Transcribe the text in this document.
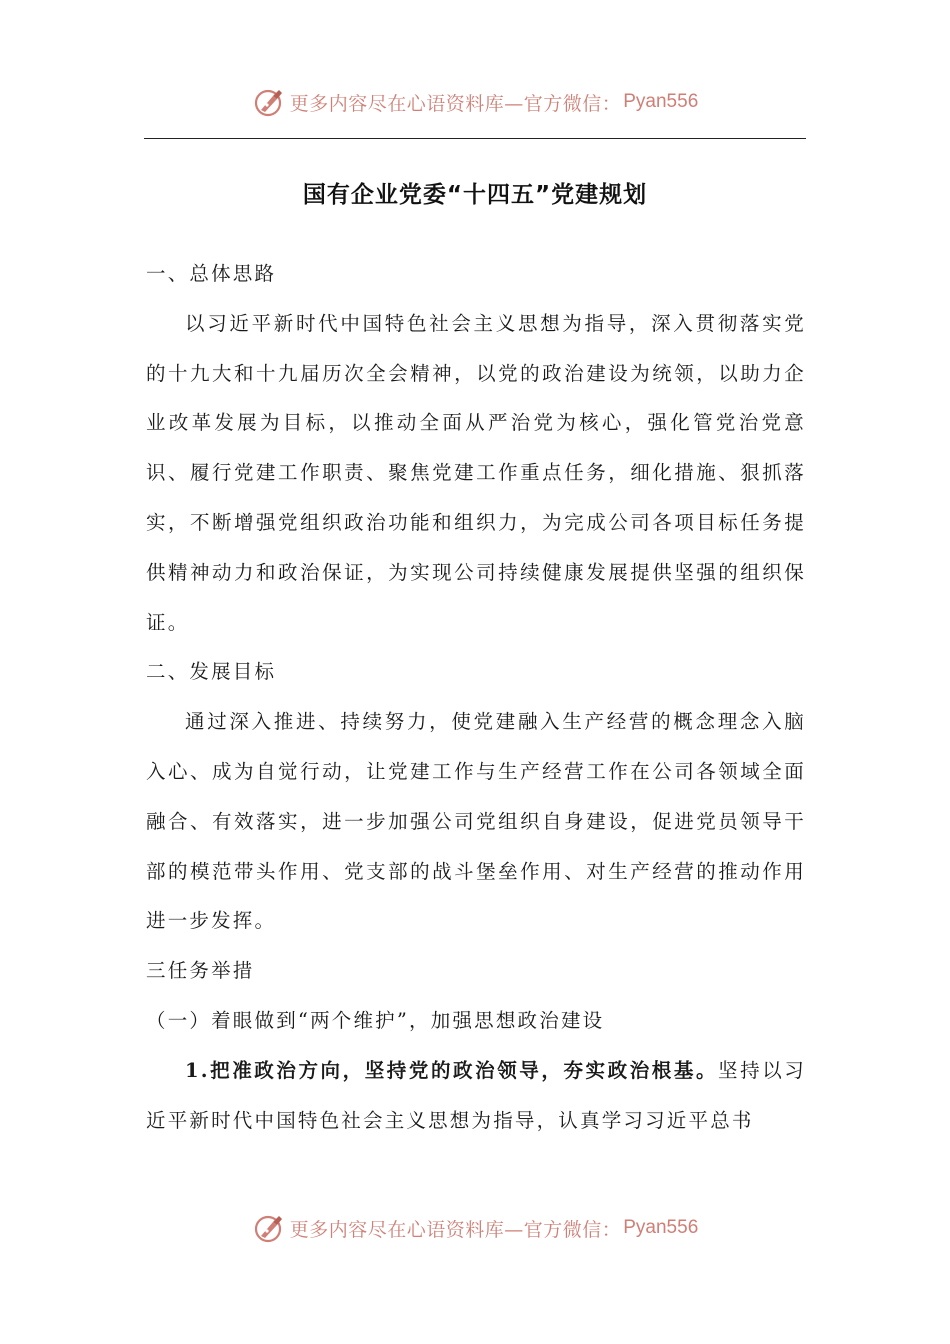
更多内容尽在心语资料库—官方微信： Pyan556
国有企业党委“十四五”党建规划

一、总体思路

以习近平新时代中国特色社会主义思想为指导，深入贯彻落实党的十九大和十九届历次全会精神，以党的政治建设为统领，以助力企业改革发展为目标，以推动全面从严治党为核心，强化管党治党意识、履行党建工作职责、聚焦党建工作重点任务，细化措施、狠抓落实，不断增强党组织政治功能和组织力，为完成公司各项目标任务提供精神动力和政治保证，为实现公司持续健康发展提供坚强的组织保证。

二、发展目标

通过深入推进、持续努力，使党建融入生产经营的概念理念入脑入心、成为自觉行动，让党建工作与生产经营工作在公司各领域全面融合、有效落实，进一步加强公司党组织自身建设，促进党员领导干部的模范带头作用、党支部的战斗堡垒作用、对生产经营的推动作用进一步发挥。

三任务举措

（一）着眼做到“两个维护”，加强思想政治建设

1.把准政治方向，坚持党的政治领导，夯实政治根基。坚持以习近平新时代中国特色社会主义思想为指导，认真学习习近平总书

更多内容尽在心语资料库—官方微信： Pyan556
